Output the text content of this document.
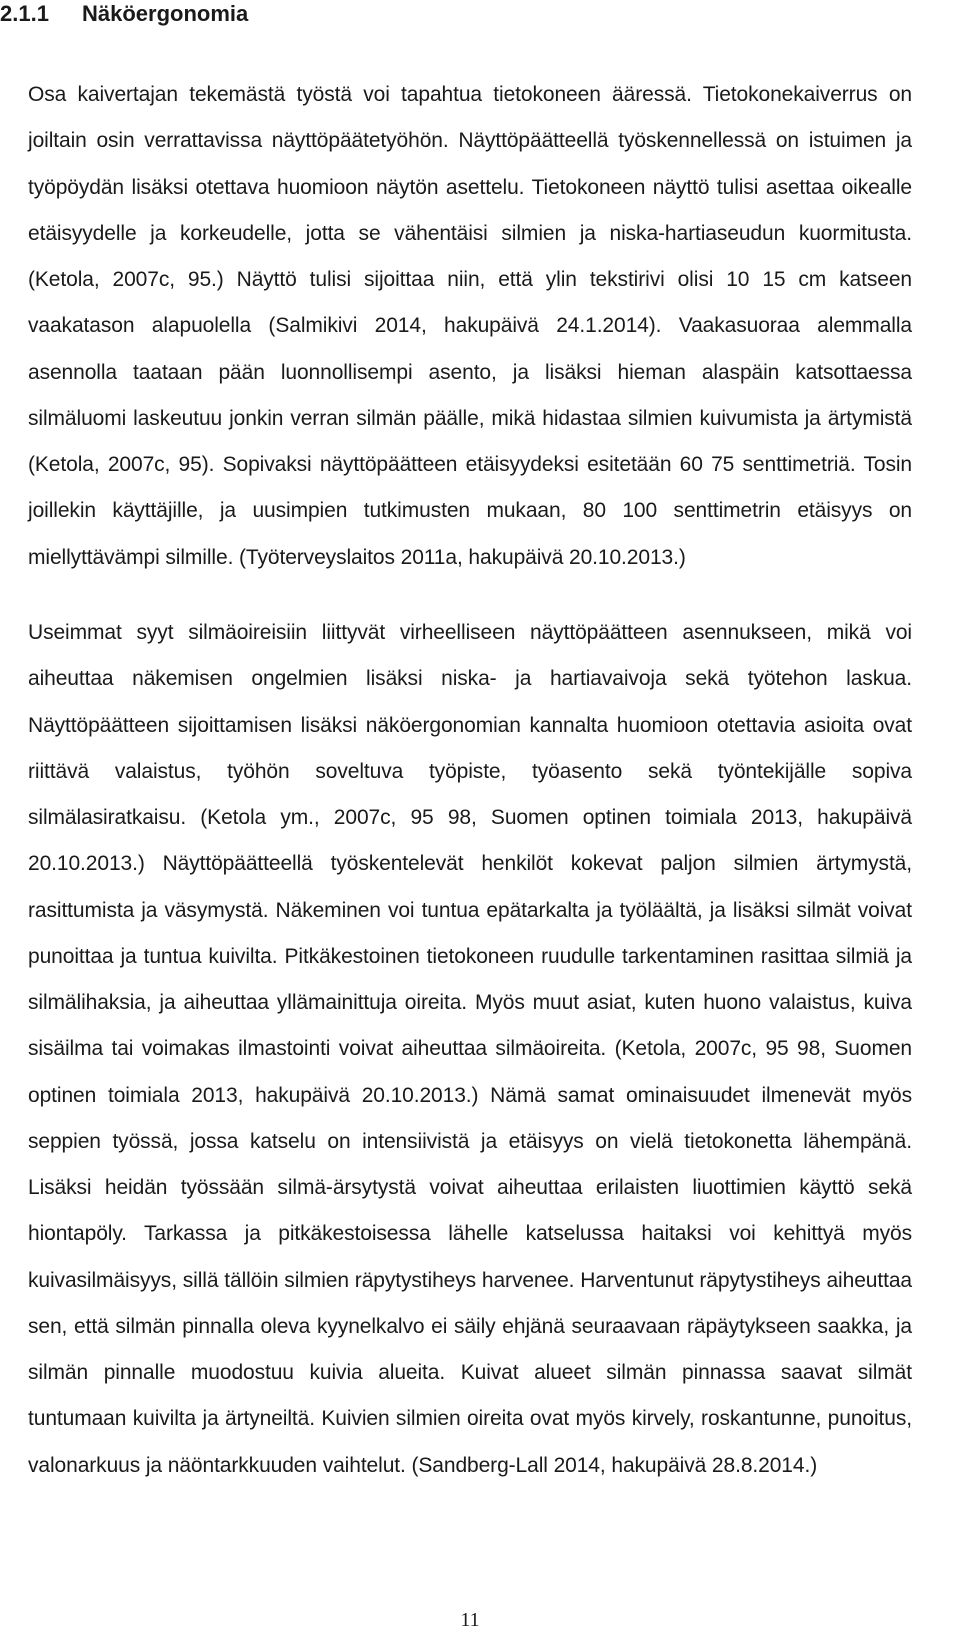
2.1.1 Näköergonomia

Osa kaivertajan tekemästä työstä voi tapahtua tietokoneen ääressä. Tietokonekaiverrus on joiltain osin verrattavissa näyttöpäätetyöhön. Näyttöpäätteellä työskennellessä on istuimen ja työpöydän lisäksi otettava huomioon näytön asettelu. Tietokoneen näyttö tulisi asettaa oikealle etäisyydelle ja korkeudelle, jotta se vähentäisi silmien ja niska-hartiaseudun kuormitusta. (Ketola, 2007c, 95.) Näyttö tulisi sijoittaa niin, että ylin tekstirivi olisi 10 15 cm katseen vaakatason alapuolella (Salmikivi 2014, hakupäivä 24.1.2014). Vaakasuoraa alemmalla asennolla taataan pään luonnollisempi asento, ja lisäksi hieman alaspäin katsottaessa silmäluomi laskeutuu jonkin verran silmän päälle, mikä hidastaa silmien kuivumista ja ärtymistä (Ketola, 2007c, 95). Sopivaksi näyttöpäätteen etäisyydeksi esitetään 60 75 senttimetriä. Tosin joillekin käyttäjille, ja uusimpien tutkimusten mukaan, 80 100 senttimetrin etäisyys on miellyttävämpi silmille. (Työterveyslaitos 2011a, hakupäivä 20.10.2013.)

Useimmat syyt silmäoireisiin liittyvät virheelliseen näyttöpäätteen asennukseen, mikä voi aiheuttaa näkemisen ongelmien lisäksi niska- ja hartiavaivoja sekä työtehon laskua. Näyttöpäätteen sijoittamisen lisäksi näköergonomian kannalta huomioon otettavia asioita ovat riittävä valaistus, työhön soveltuva työpiste, työasento sekä työntekijälle sopiva silmälasiratkaisu. (Ketola ym., 2007c, 95 98, Suomen optinen toimiala 2013, hakupäivä 20.10.2013.) Näyttöpäätteellä työskentelevät henkilöt kokevat paljon silmien ärtymystä, rasittumista ja väsymystä. Näkeminen voi tuntua epätarkalta ja työläältä, ja lisäksi silmät voivat punoittaa ja tuntua kuivilta. Pitkäkestoinen tietokoneen ruudulle tarkentaminen rasittaa silmiä ja silmälihaksia, ja aiheuttaa yllämainittuja oireita. Myös muut asiat, kuten huono valaistus, kuiva sisäilma tai voimakas ilmastointi voivat aiheuttaa silmäoireita. (Ketola, 2007c, 95 98, Suomen optinen toimiala 2013, hakupäivä 20.10.2013.) Nämä samat ominaisuudet ilmenevät myös seppien työssä, jossa katselu on intensiivistä ja etäisyys on vielä tietokonetta lähempänä. Lisäksi heidän työssään silmä-ärsytystä voivat aiheuttaa erilaisten liuottimien käyttö sekä hiontapöly. Tarkassa ja pitkäkestoisessa lähelle katselussa haitaksi voi kehittyä myös kuivasilmäisyys, sillä tällöin silmien räpytystiheys harvenee. Harventunut räpytystiheys aiheuttaa sen, että silmän pinnalla oleva kyynelkalvo ei säily ehjänä seuraavaan räpäytykseen saakka, ja silmän pinnalle muodostuu kuivia alueita. Kuivat alueet silmän pinnassa saavat silmät tuntumaan kuivilta ja ärtyneiltä. Kuivien silmien oireita ovat myös kirvely, roskantunne, punoitus, valonarkuus ja näöntarkkuuden vaihtelut. (Sandberg-Lall 2014, hakupäivä 28.8.2014.)

11
